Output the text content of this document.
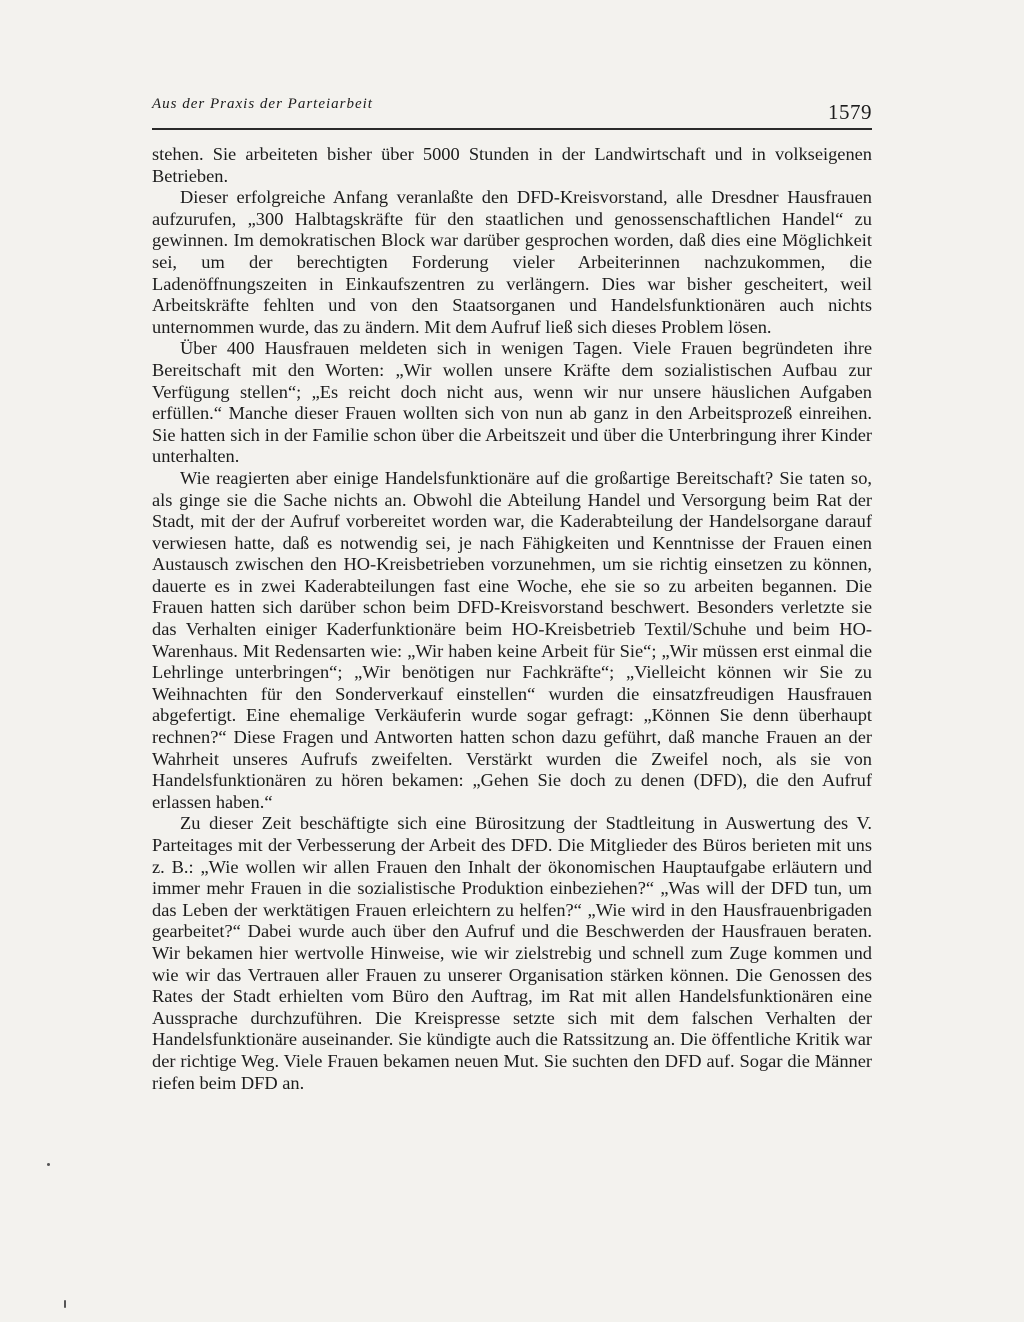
Aus der Praxis der Parteiarbeit	1579

stehen. Sie arbeiteten bisher über 5000 Stunden in der Landwirtschaft und in volkseigenen Betrieben.

Dieser erfolgreiche Anfang veranlaßte den DFD-Kreisvorstand, alle Dresdner Hausfrauen aufzurufen, „300 Halbtagskräfte für den staatlichen und genossenschaftlichen Handel“ zu gewinnen. Im demokratischen Block war darüber gesprochen worden, daß dies eine Möglichkeit sei, um der berechtigten Forderung vieler Arbeiterinnen nachzukommen, die Ladenöffnungszeiten in Einkaufszentren zu verlängern. Dies war bisher gescheitert, weil Arbeitskräfte fehlten und von den Staatsorganen und Handelsfunktionären auch nichts unternommen wurde, das zu ändern. Mit dem Aufruf ließ sich dieses Problem lösen.

Über 400 Hausfrauen meldeten sich in wenigen Tagen. Viele Frauen begründeten ihre Bereitschaft mit den Worten: „Wir wollen unsere Kräfte dem sozialistischen Aufbau zur Verfügung stellen“; „Es reicht doch nicht aus, wenn wir nur unsere häuslichen Aufgaben erfüllen.“ Manche dieser Frauen wollten sich von nun ab ganz in den Arbeitsprozeß einreihen. Sie hatten sich in der Familie schon über die Arbeitszeit und über die Unterbringung ihrer Kinder unterhalten.

Wie reagierten aber einige Handelsfunktionäre auf die großartige Bereitschaft? Sie taten so, als ginge sie die Sache nichts an. Obwohl die Abteilung Handel und Versorgung beim Rat der Stadt, mit der der Aufruf vorbereitet worden war, die Kaderabteilung der Handelsorgane darauf verwiesen hatte, daß es notwendig sei, je nach Fähigkeiten und Kenntnisse der Frauen einen Austausch zwischen den HO-Kreisbetrieben vorzunehmen, um sie richtig einsetzen zu können, dauerte es in zwei Kaderabteilungen fast eine Woche, ehe sie so zu arbeiten begannen. Die Frauen hatten sich darüber schon beim DFD-Kreisvorstand beschwert. Besonders verletzte sie das Verhalten einiger Kaderfunktionäre beim HO-Kreisbetrieb Textil/Schuhe und beim HO-Warenhaus. Mit Redensarten wie: „Wir haben keine Arbeit für Sie“; „Wir müssen erst einmal die Lehrlinge unterbringen“; „Wir benötigen nur Fachkräfte“; „Vielleicht können wir Sie zu Weihnachten für den Sonderverkauf einstellen“ wurden die einsatzfreudigen Hausfrauen abgefertigt. Eine ehemalige Verkäuferin wurde sogar gefragt: „Können Sie denn überhaupt rechnen?“ Diese Fragen und Antworten hatten schon dazu geführt, daß manche Frauen an der Wahrheit unseres Aufrufs zweifelten. Verstärkt wurden die Zweifel noch, als sie von Handelsfunktionären zu hören bekamen: „Gehen Sie doch zu denen (DFD), die den Aufruf erlassen haben.“

Zu dieser Zeit beschäftigte sich eine Bürositzung der Stadtleitung in Auswertung des V. Parteitages mit der Verbesserung der Arbeit des DFD. Die Mitglieder des Büros berieten mit uns z. B.: „Wie wollen wir allen Frauen den Inhalt der ökonomischen Hauptaufgabe erläutern und immer mehr Frauen in die sozialistische Produktion einbeziehen?“ „Was will der DFD tun, um das Leben der werktätigen Frauen erleichtern zu helfen?“ „Wie wird in den Hausfrauenbrigaden gearbeitet?“ Dabei wurde auch über den Aufruf und die Beschwerden der Hausfrauen beraten. Wir bekamen hier wertvolle Hinweise, wie wir zielstrebig und schnell zum Zuge kommen und wie wir das Vertrauen aller Frauen zu unserer Organisation stärken können. Die Genossen des Rates der Stadt erhielten vom Büro den Auftrag, im Rat mit allen Handelsfunktionären eine Aussprache durchzuführen. Die Kreispresse setzte sich mit dem falschen Verhalten der Handelsfunktionäre auseinander. Sie kündigte auch die Ratssitzung an. Die öffentliche Kritik war der richtige Weg. Viele Frauen bekamen neuen Mut. Sie suchten den DFD auf. Sogar die Männer riefen beim DFD an.
